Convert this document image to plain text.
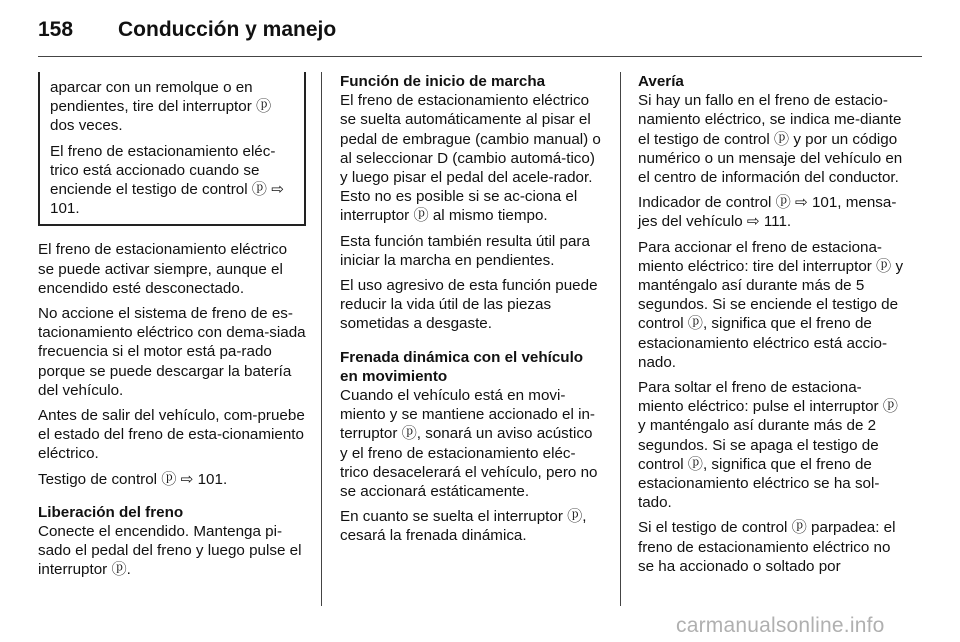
158 Conducción y manejo

aparcar con un remolque o en pendientes, tire del interruptor ⓟ dos veces.

El freno de estacionamiento eléc-trico está accionado cuando se enciende el testigo de control ⓟ ⇨ 101.

El freno de estacionamiento eléctrico se puede activar siempre, aunque el encendido esté desconectado.

No accione el sistema de freno de es-tacionamiento eléctrico con dema-siada frecuencia si el motor está pa-rado porque se puede descargar la batería del vehículo.

Antes de salir del vehículo, com-pruebe el estado del freno de esta-cionamiento eléctrico.

Testigo de control ⓟ ⇨ 101.

Liberación del freno

Conecte el encendido. Mantenga pi-sado el pedal del freno y luego pulse el interruptor ⓟ.

Función de inicio de marcha

El freno de estacionamiento eléctrico se suelta automáticamente al pisar el pedal de embrague (cambio manual) o al seleccionar D (cambio automá-tico) y luego pisar el pedal del acele-rador. Esto no es posible si se ac-ciona el interruptor ⓟ al mismo tiempo.

Esta función también resulta útil para iniciar la marcha en pendientes.

El uso agresivo de esta función puede reducir la vida útil de las piezas sometidas a desgaste.

Frenada dinámica con el vehículo en movimiento

Cuando el vehículo está en movi-miento y se mantiene accionado el in-terruptor ⓟ, sonará un aviso acústico y el freno de estacionamiento eléc-trico desacelerará el vehículo, pero no se accionará estáticamente.

En cuanto se suelta el interruptor ⓟ, cesará la frenada dinámica.

Avería

Si hay un fallo en el freno de estacio-namiento eléctrico, se indica me-diante el testigo de control ⓟ y por un código numérico o un mensaje del vehículo en el centro de información del conductor.

Indicador de control ⓟ ⇨ 101, mensa-jes del vehículo ⇨ 111.

Para accionar el freno de estaciona-miento eléctrico: tire del interruptor ⓟ y manténgalo así durante más de 5 segundos. Si se enciende el testigo de control ⓟ, significa que el freno de estacionamiento eléctrico está accio-nado.

Para soltar el freno de estaciona-miento eléctrico: pulse el interruptor ⓟ y manténgalo así durante más de 2 segundos. Si se apaga el testigo de control ⓟ, significa que el freno de estacionamiento eléctrico se ha sol-tado.

Si el testigo de control ⓟ parpadea: el freno de estacionamiento eléctrico no se ha accionado o soltado por

carmanualsonline.info
